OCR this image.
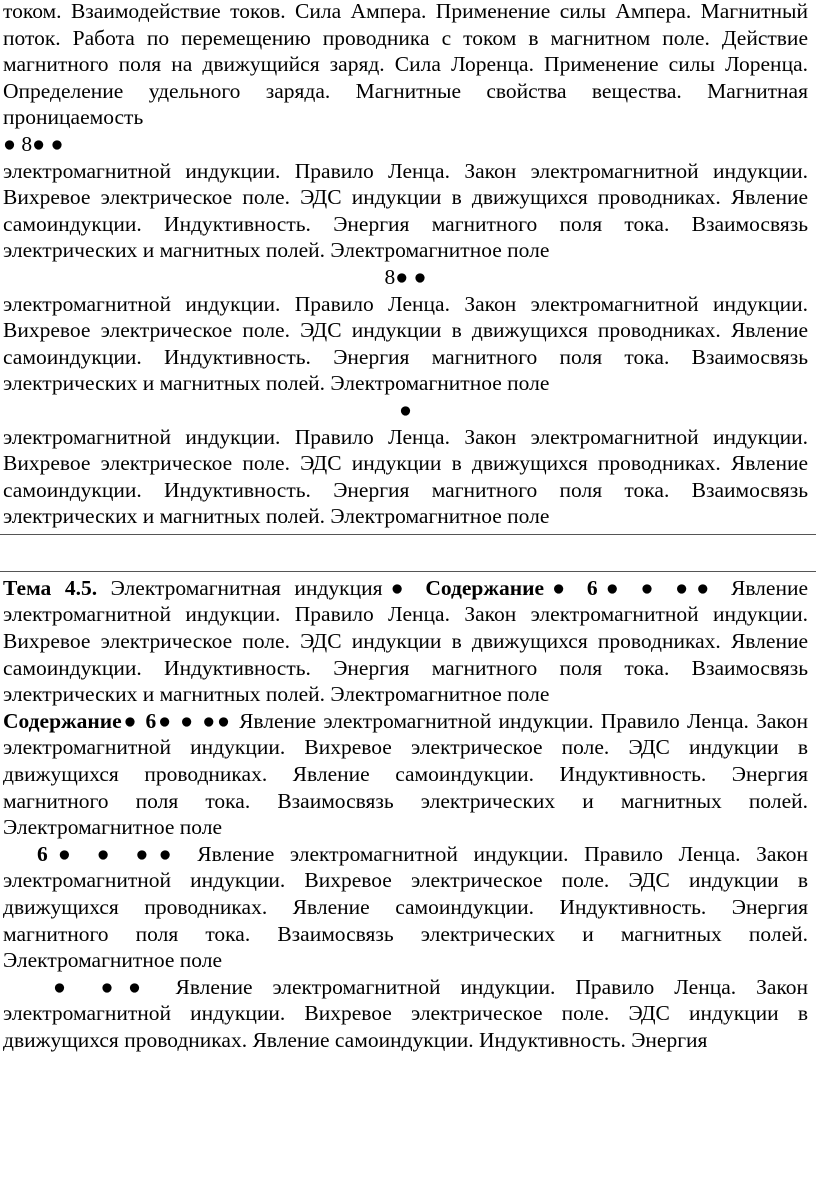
током. Взаимодействие токов. Сила Ампера. Применение силы Ампера. Магнитный поток. Работа по перемещению проводника с током в магнитном поле. Действие магнитного поля на движущийся заряд. Сила Лоренца. Применение силы Лоренца. Определение удельного заряда. Магнитные свойства вещества. Магнитная проницаемость

● 8● ●

электромагнитной индукции. Правило Ленца. Закон электромагнитной индукции. Вихревое электрическое поле. ЭДС индукции в движущихся проводниках. Явление самоиндукции. Индуктивность. Энергия магнитного поля тока. Взаимосвязь электрических и магнитных полей. Электромагнитное поле

8● ●

электромагнитной индукции. Правило Ленца. Закон электромагнитной индукции. Вихревое электрическое поле. ЭДС индукции в движущихся проводниках. Явление самоиндукции. Индуктивность. Энергия магнитного поля тока. Взаимосвязь электрических и магнитных полей. Электромагнитное поле

●

электромагнитной индукции. Правило Ленца. Закон электромагнитной индукции. Вихревое электрическое поле. ЭДС индукции в движущихся проводниках. Явление самоиндукции. Индуктивность. Энергия магнитного поля тока. Взаимосвязь электрических и магнитных полей. Электромагнитное поле

Тема 4.5. Электромагнитная индукция● Содержание● 6● ● ●● Явление электромагнитной индукции. Правило Ленца. Закон электромагнитной индукции. Вихревое электрическое поле. ЭДС индукции в движущихся проводниках. Явление самоиндукции. Индуктивность. Энергия магнитного поля тока. Взаимосвязь электрических и магнитных полей. Электромагнитное поле

Содержание● 6● ● ●● Явление электромагнитной индукции. Правило Ленца. Закон электромагнитной индукции. Вихревое электрическое поле. ЭДС индукции в движущихся проводниках. Явление самоиндукции. Индуктивность. Энергия магнитного поля тока. Взаимосвязь электрических и магнитных полей. Электромагнитное поле

6● ● ●● Явление электромагнитной индукции. Правило Ленца. Закон электромагнитной индукции. Вихревое электрическое поле. ЭДС индукции в движущихся проводниках. Явление самоиндукции. Индуктивность. Энергия магнитного поля тока. Взаимосвязь электрических и магнитных полей. Электромагнитное поле

● ●● Явление электромагнитной индукции. Правило Ленца. Закон электромагнитной индукции. Вихревое электрическое поле. ЭДС индукции в движущихся проводниках. Явление самоиндукции. Индуктивность. Энергия
